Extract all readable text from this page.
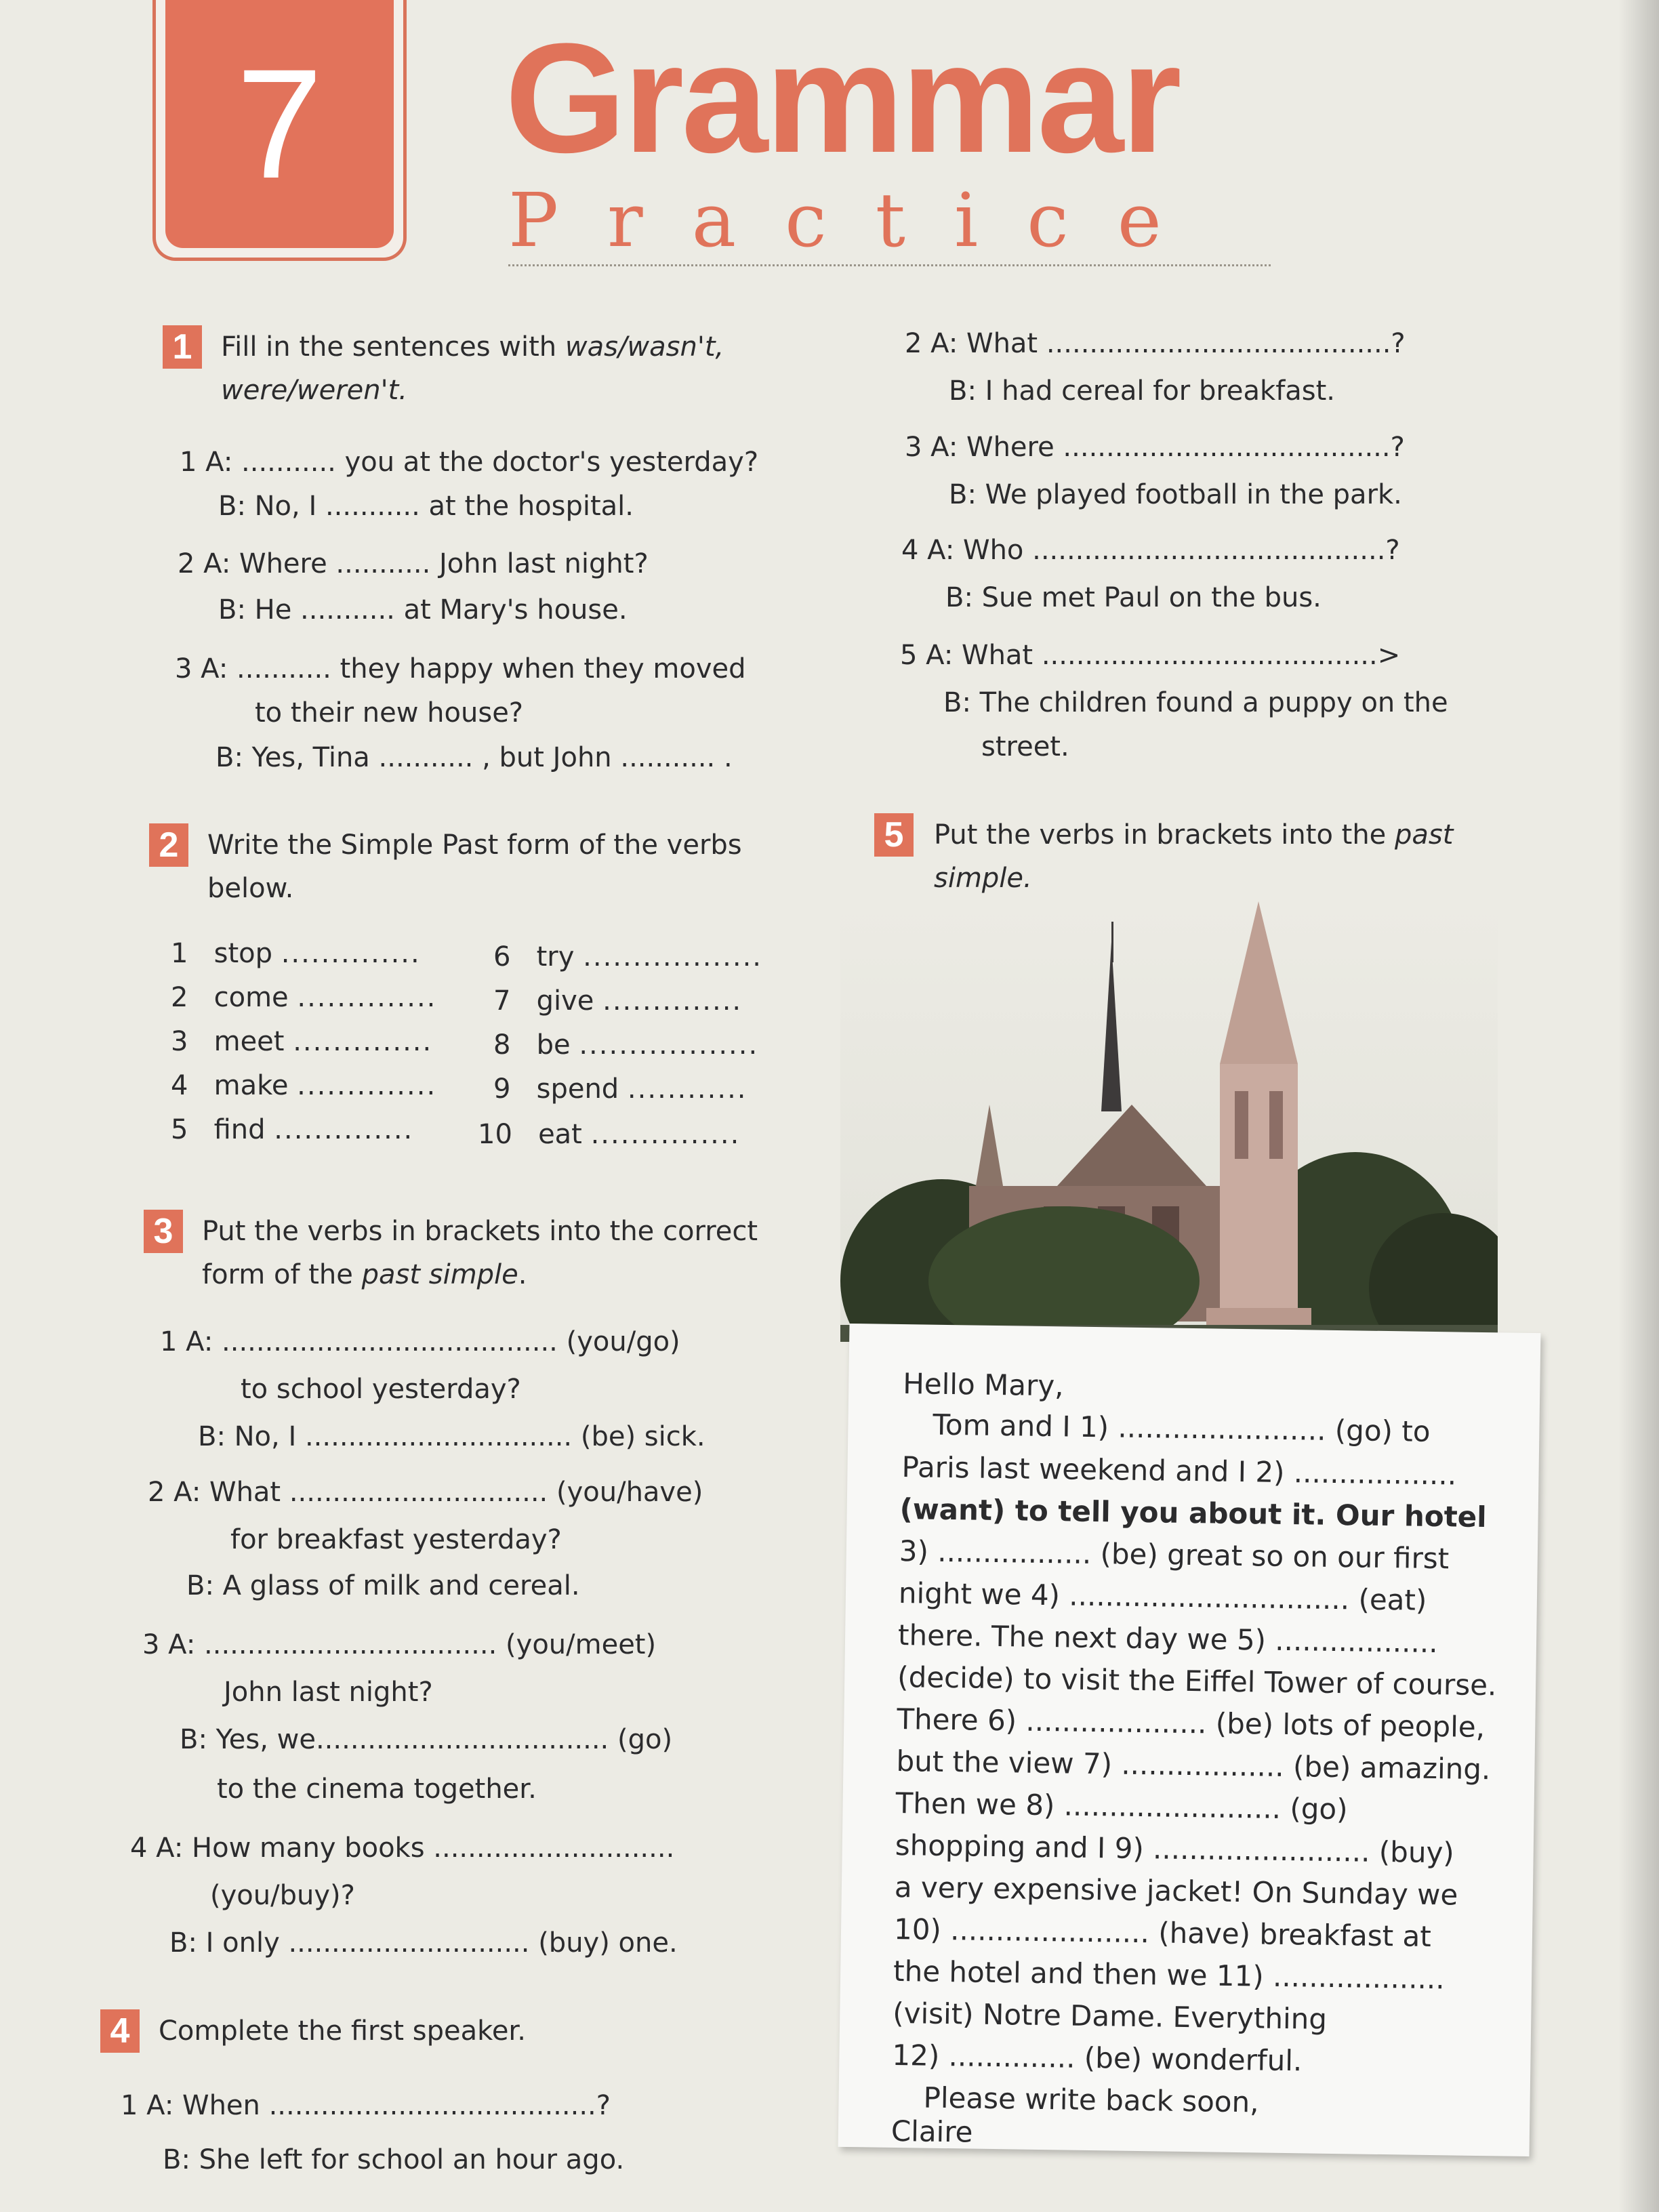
7 Grammar
Practice
1	Fill in the sentences with was/wasn't,
were/weren't.
1 A: ........... you at the doctor's yesterday?
B: No, I ........... at the hospital.
2 A: Where ........... John last night?
B: He ........... at Mary's house.
3 A: ........... they happy when they moved
to their new house?
B: Yes, Tina ........... , but John ........... .
2	Write the Simple Past form of the verbs
below.
1 stop ..............
2 come ..............
3 meet ..............
4 make ..............
5 find ..............
6 try ..................
7 give ..............
8 be ..................
9 spend ............
10 eat ...............
3	Put the verbs in brackets into the correct
form of the past simple.
1 A: ....................................... (you/go)
to school yesterday?
B: No, I ............................... (be) sick.
2 A: What .............................. (you/have)
for breakfast yesterday?
B: A glass of milk and cereal.
3 A: .................................. (you/meet)
John last night?
B: Yes, we.................................. (go)
to the cinema together.
4 A: How many books ............................
(you/buy)?
B: I only ............................ (buy) one.
4	Complete the first speaker.
1 A: When ......................................?
B: She left for school an hour ago.
2 A: What ........................................?
B: I had cereal for breakfast.
3 A: Where ......................................?
B: We played football in the park.
4 A: Who .........................................?
B: Sue met Paul on the bus.
5 A: What .......................................>
B: The children found a puppy on the
street.
5	Put the verbs in brackets into the past
simple.
Hello Mary,
Tom and I 1) ....................... (go) to
Paris last weekend and I 2) ..................
(want) to tell you about it. Our hotel
3) ................. (be) great so on our first
night we 4) ............................... (eat)
there. The next day we 5) ..................
(decide) to visit the Eiffel Tower of course.
There 6) .................... (be) lots of people,
but the view 7) .................. (be) amazing.
Then we 8) ........................ (go)
shopping and I 9) ........................ (buy)
a very expensive jacket! On Sunday we
10) ...................... (have) breakfast at
the hotel and then we 11) ...................
(visit) Notre Dame. Everything
12) .............. (be) wonderful.
Please write back soon,
Claire
